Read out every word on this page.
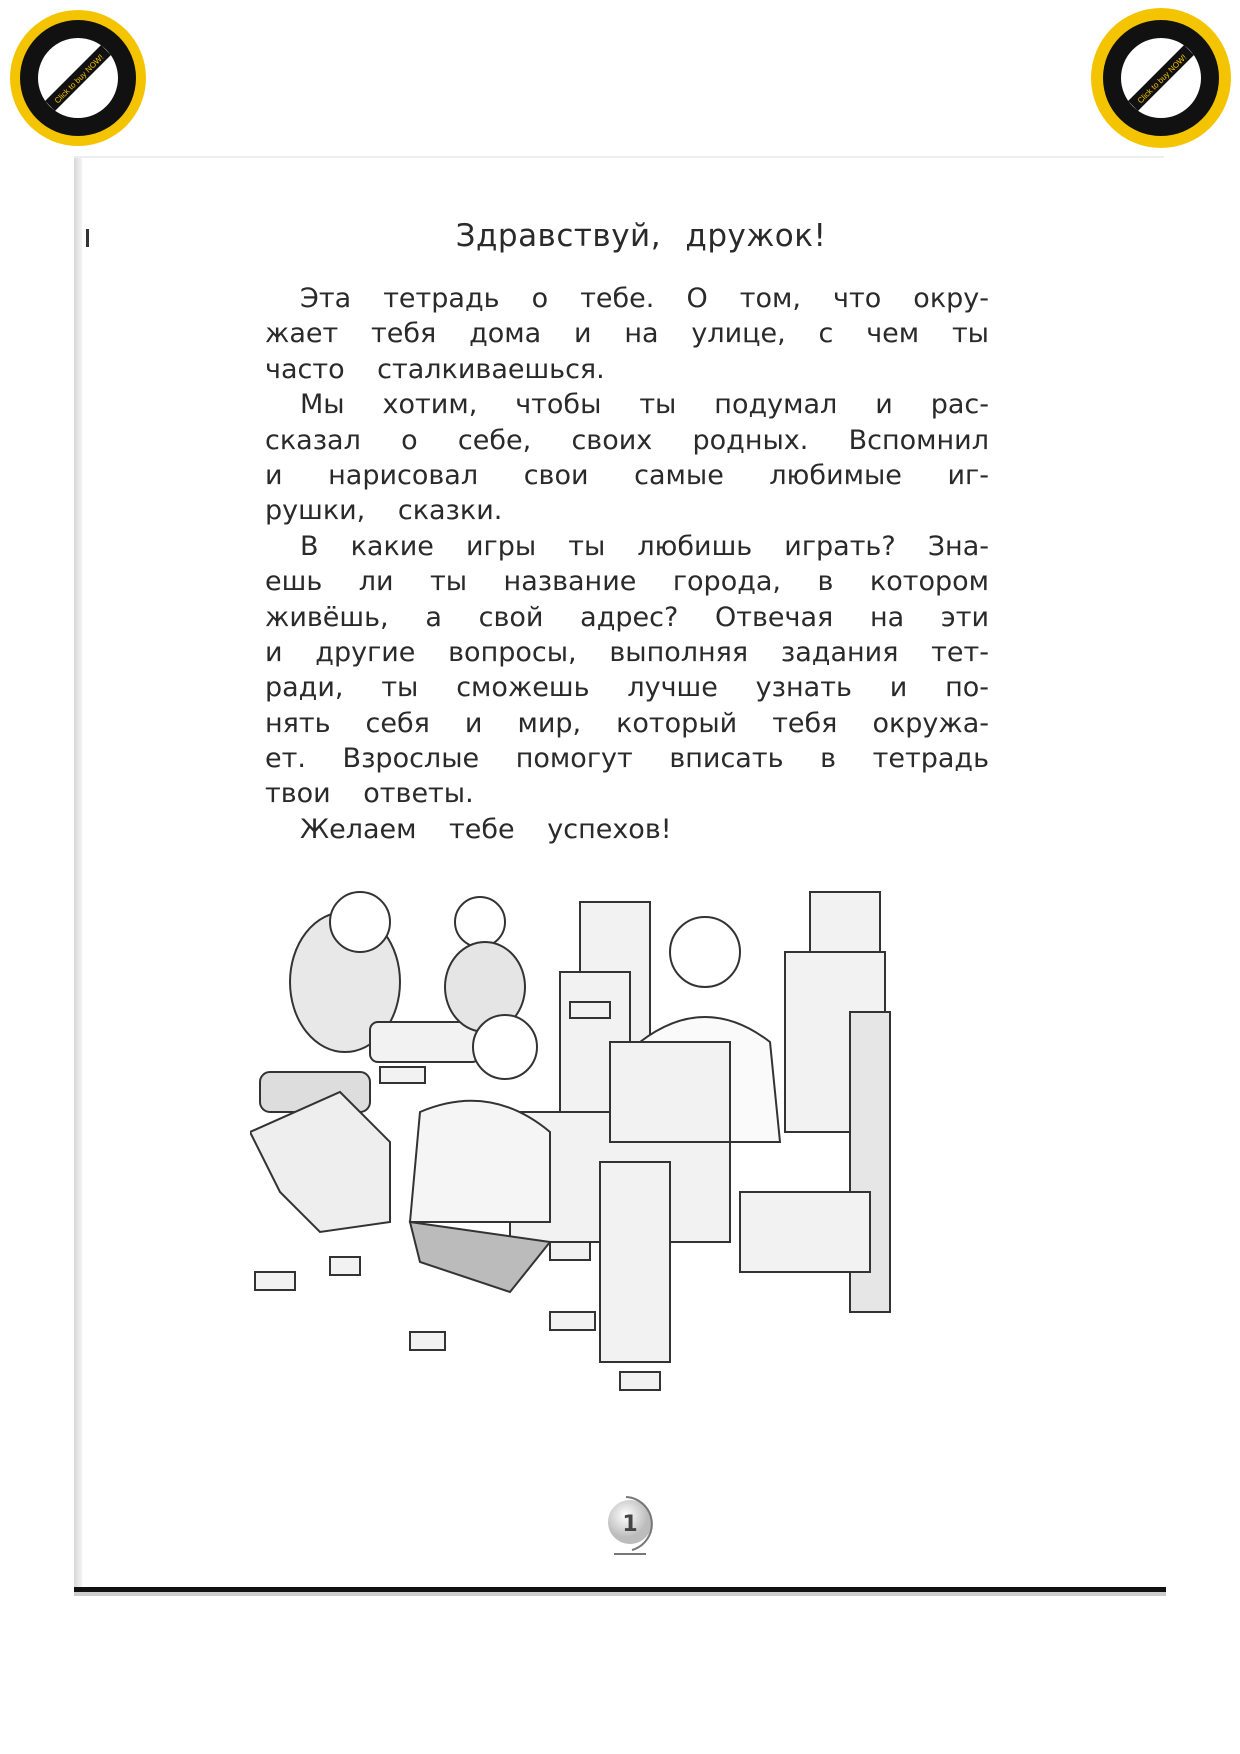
Click to buy NOW!	Click to buy NOW!
Здравствуй, дружок!
Эта тетрадь о тебе. О том, что окру-
жает тебя дома и на улице, с чем ты
часто сталкиваешься.
Мы хотим, чтобы ты подумал и рас-
сказал о себе, своих родных. Вспомнил
и нарисовал свои самые любимые иг-
рушки, сказки.
В какие игры ты любишь играть? Зна-
ешь ли ты название города, в котором
живёшь, а свой адрес? Отвечая на эти
и другие вопросы, выполняя задания тет-
ради, ты сможешь лучше узнать и по-
нять себя и мир, который тебя окружа-
ет. Взрослые помогут вписать в тетрадь
твои ответы.
Желаем тебе успехов!
1
